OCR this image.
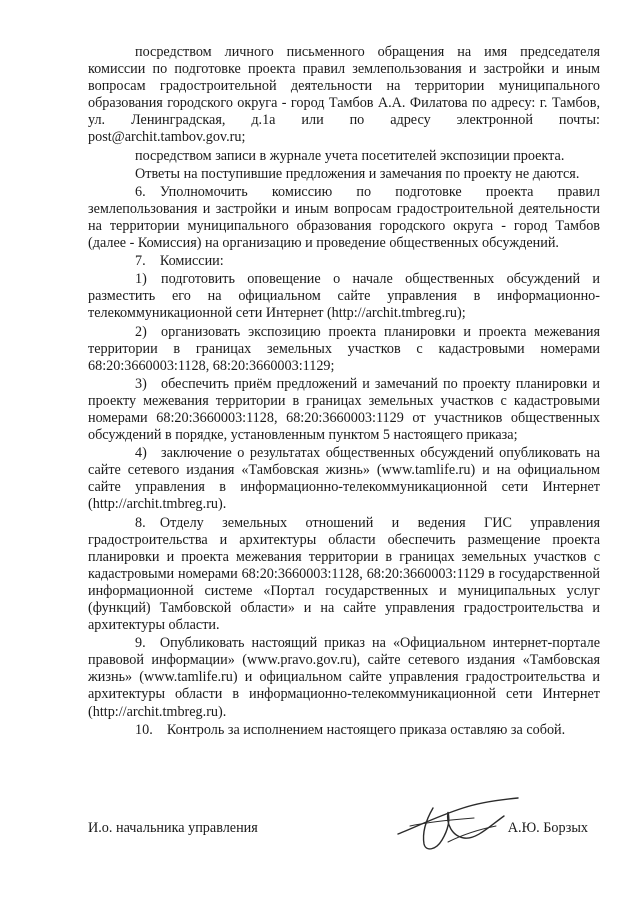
посредством личного письменного обращения на имя председателя комиссии по подготовке проекта правил землепользования и застройки и иным вопросам градостроительной деятельности на территории муниципального образования городского округа - город Тамбов А.А. Филатова по адресу: г. Тамбов, ул. Ленинградская, д.1а или по адресу электронной почты: post@archit.tambov.gov.ru;
посредством записи в журнале учета посетителей экспозиции проекта.
Ответы на поступившие предложения и замечания по проекту не даются.
6. Уполномочить комиссию по подготовке проекта правил землепользования и застройки и иным вопросам градостроительной деятельности на территории муниципального образования городского округа - город Тамбов (далее - Комиссия) на организацию и проведение общественных обсуждений.
7. Комиссии:
1) подготовить оповещение о начале общественных обсуждений и разместить его на официальном сайте управления в информационно-телекоммуникационной сети Интернет (http://archit.tmbreg.ru);
2) организовать экспозицию проекта планировки и проекта межевания территории в границах земельных участков с кадастровыми номерами 68:20:3660003:1128, 68:20:3660003:1129;
3) обеспечить приём предложений и замечаний по проекту планировки и проекту межевания территории в границах земельных участков с кадастровыми номерами 68:20:3660003:1128, 68:20:3660003:1129 от участников общественных обсуждений в порядке, установленным пунктом 5 настоящего приказа;
4) заключение о результатах общественных обсуждений опубликовать на сайте сетевого издания «Тамбовская жизнь» (www.tamlife.ru) и на официальном сайте управления в информационно-телекоммуникационной сети Интернет (http://archit.tmbreg.ru).
8. Отделу земельных отношений и ведения ГИС управления градостроительства и архитектуры области обеспечить размещение проекта планировки и проекта межевания территории в границах земельных участков с кадастровыми номерами 68:20:3660003:1128, 68:20:3660003:1129 в государственной информационной системе «Портал государственных и муниципальных услуг (функций) Тамбовской области» и на сайте управления градостроительства и архитектуры области.
9. Опубликовать настоящий приказ на «Официальном интернет-портале правовой информации» (www.pravo.gov.ru), сайте сетевого издания «Тамбовская жизнь» (www.tamlife.ru) и официальном сайте управления градостроительства и архитектуры области в информационно-телекоммуникационной сети Интернет (http://archit.tmbreg.ru).
10. Контроль за исполнением настоящего приказа оставляю за собой.
И.о. начальника управления	А.Ю. Борзых
